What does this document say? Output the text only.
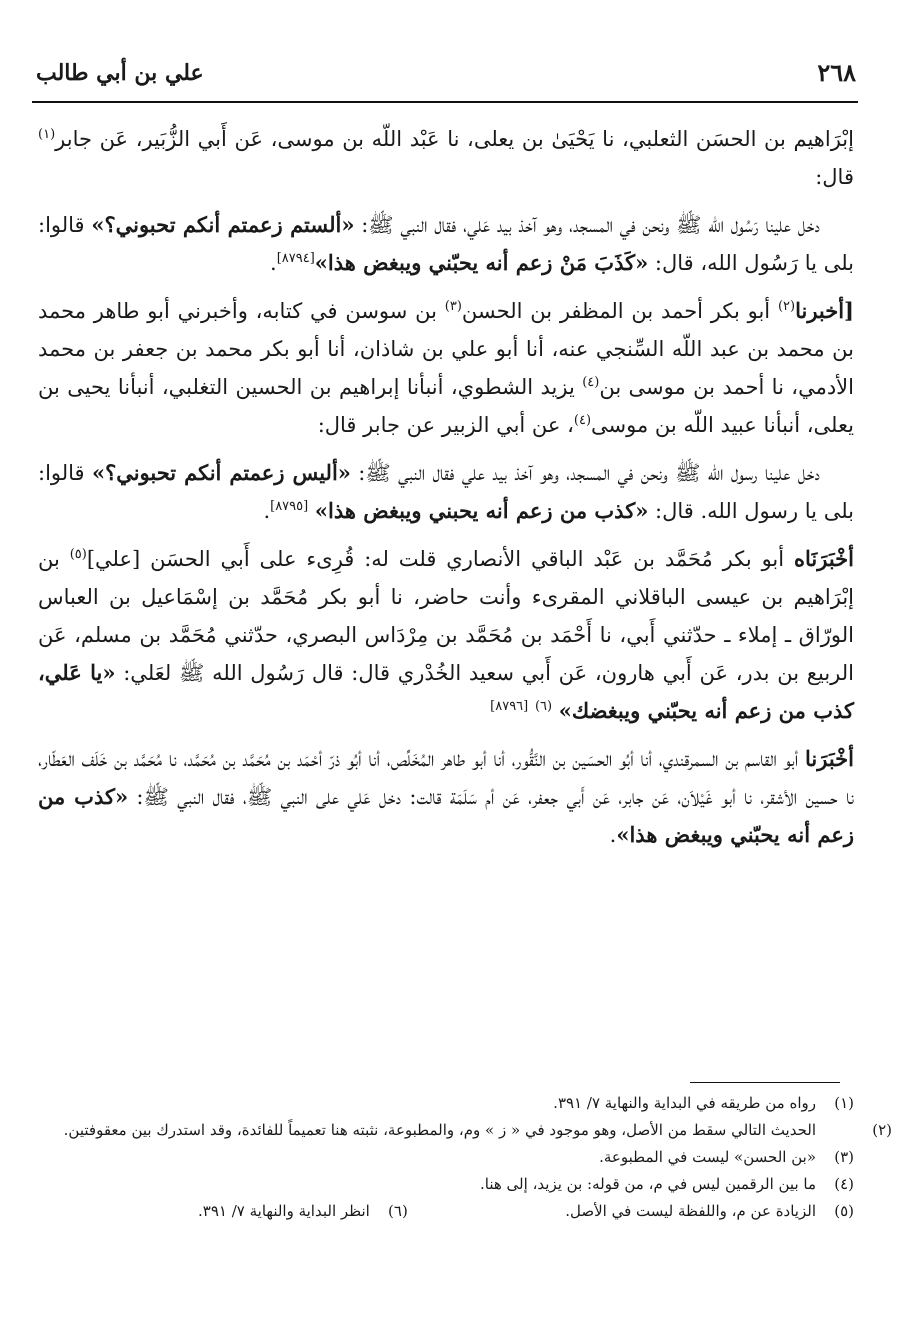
٢٦٨
علي بن أبي طالب

إبْرَاهيم بن الحسَن الثعلبي، نا يَحْيَىٰ بن يعلى، نا عَبْد اللّه بن موسى، عَن أَبي الزُّبَير، عَن جابر$^{(١)}$ قال:

دخل علينا رَسُول الله ﷺ ونحن في المسجد، وهو آخذ بيد عَلي، فقال النبي ﷺ: «ألستم زعمتم أنكم تحبوني؟» قالوا: بلى يا رَسُول الله، قال: «كَذَبَ مَنْ زعم أنه يحبّني ويبغض هذا»[٨٧٩٤].

[أخبرنا$^{(٢)}$ أبو بكر أحمد بن المظفر بن الحسن$^{(٣)}$ بن سوسن في كتابه، وأخبرني أبو طاهر محمد بن محمد بن عبد اللّه السِّنجي عنه، أنا أبو علي بن شاذان، أنا أبو بكر محمد بن جعفر بن محمد الأدمي، نا أحمد بن موسى بن$^{(٤)}$ يزيد الشطوي، أنبأنا إبراهيم بن الحسين التغلبي، أنبأنا يحيى بن يعلى، أنبأنا عبيد اللّه بن موسى$^{(٤)}$، عن أبي الزبير عن جابر قال:

دخل علينا رسول الله ﷺ ونحن في المسجد، وهو آخذ بيد علي فقال النبي ﷺ: «أليس زعمتم أنكم تحبوني؟» قالوا: بلى يا رسول الله. قال: «كذب من زعم أنه يحبني ويبغض هذا» [٨٧٩٥].

أخْبَرَنَاه أبو بكر مُحَمَّد بن عَبْد الباقي الأنصاري قلت له: قُرِىء على أَبي الحسَن [علي]$^{(٥)}$ بن إبْرَاهيم بن عيسى الباقلاني المقرىء وأنت حاضر، نا أبو بكر مُحَمَّد بن إسْمَاعيل بن العباس الورّاق ـ إملاء ـ حدّثني أَبي، نا أَحْمَد بن مُحَمَّد بن مِرْدَاس البصري، حدّثني مُحَمَّد بن مسلم، عَن الربيع بن بدر، عَن أَبي هارون، عَن أَبي سعيد الخُدْري قال: قال رَسُول الله ﷺ لعَلي: «يا عَلي، كذب من زعم أنه يحبّني ويبغضك» $^{(٦)}$ [٨٧٩٦]

أخْبَرَنا أبو القاسم بن السمرقندي، أنا أبُو الحسَين بن النَّقُّور، أنا أبو طاهر المُخَلِّص، أنا أبُو ذرّ أحْمَد بن مُحَمَّد بن مُحَمَّد، نا مُحَمَّد بن خَلَف العَطّار، نا حسين الأشقر، نا أبو غَيْلاَن، عَن جابر، عَن أَبي جعفر، عَن أم سَلَمَة قالت: دخل عَلي على النبي ﷺ، فقال النبي ﷺ: «كذب من زعم أنه يحبّني ويبغض هذا».

(١)رواه من طريقه في البداية والنهاية ٧/ ٣٩١.

(٢)الحديث التالي سقط من الأصل، وهو موجود في « ز » وم، والمطبوعة، نثبته هنا تعميماً للفائدة، وقد استدرك بين معقوفتين.

(٣)«بن الحسن» ليست في المطبوعة.

(٤)ما بين الرقمين ليس في م، من قوله: بن يزيد، إلى هنا.

(٥)الزيادة عن م، واللفظة ليست في الأصل.
(٦)انظر البداية والنهاية ٧/ ٣٩١.
